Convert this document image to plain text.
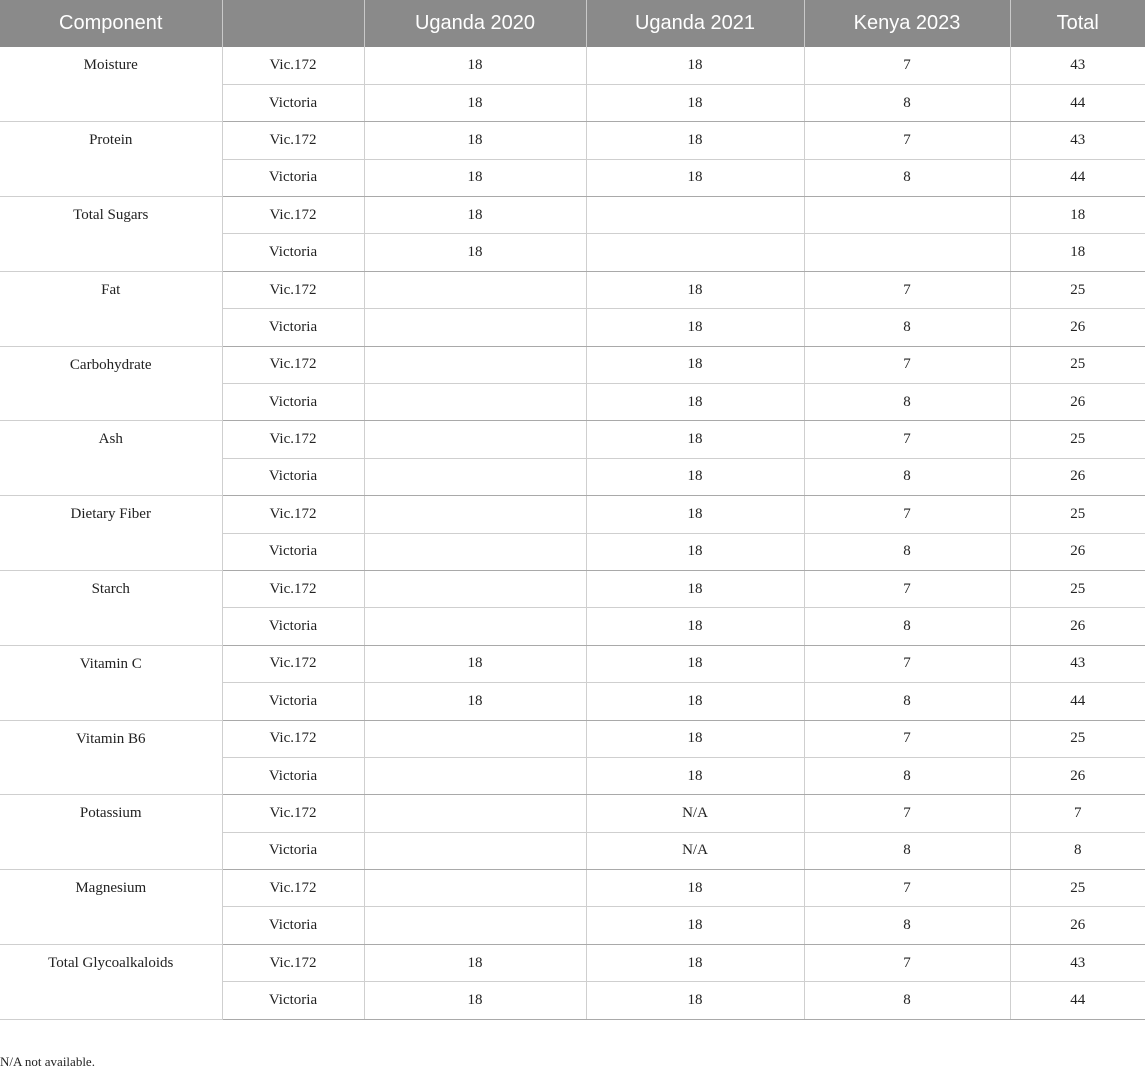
Component		Uganda 2020	Uganda 2021	Kenya 2023	Total
Moisture	Vic.172	18	18	7	43
	Victoria	18	18	8	44
Protein	Vic.172	18	18	7	43
	Victoria	18	18	8	44
Total Sugars	Vic.172	18			18
	Victoria	18			18
Fat	Vic.172		18	7	25
	Victoria		18	8	26
Carbohydrate	Vic.172		18	7	25
	Victoria		18	8	26
Ash	Vic.172		18	7	25
	Victoria		18	8	26
Dietary Fiber	Vic.172		18	7	25
	Victoria		18	8	26
Starch	Vic.172		18	7	25
	Victoria		18	8	26
Vitamin C	Vic.172	18	18	7	43
	Victoria	18	18	8	44
Vitamin B6	Vic.172		18	7	25
	Victoria		18	8	26
Potassium	Vic.172		N/A	7	7
	Victoria		N/A	8	8
Magnesium	Vic.172		18	7	25
	Victoria		18	8	26
Total Glycoalkaloids	Vic.172	18	18	7	43
	Victoria	18	18	8	44
N/A not available.
